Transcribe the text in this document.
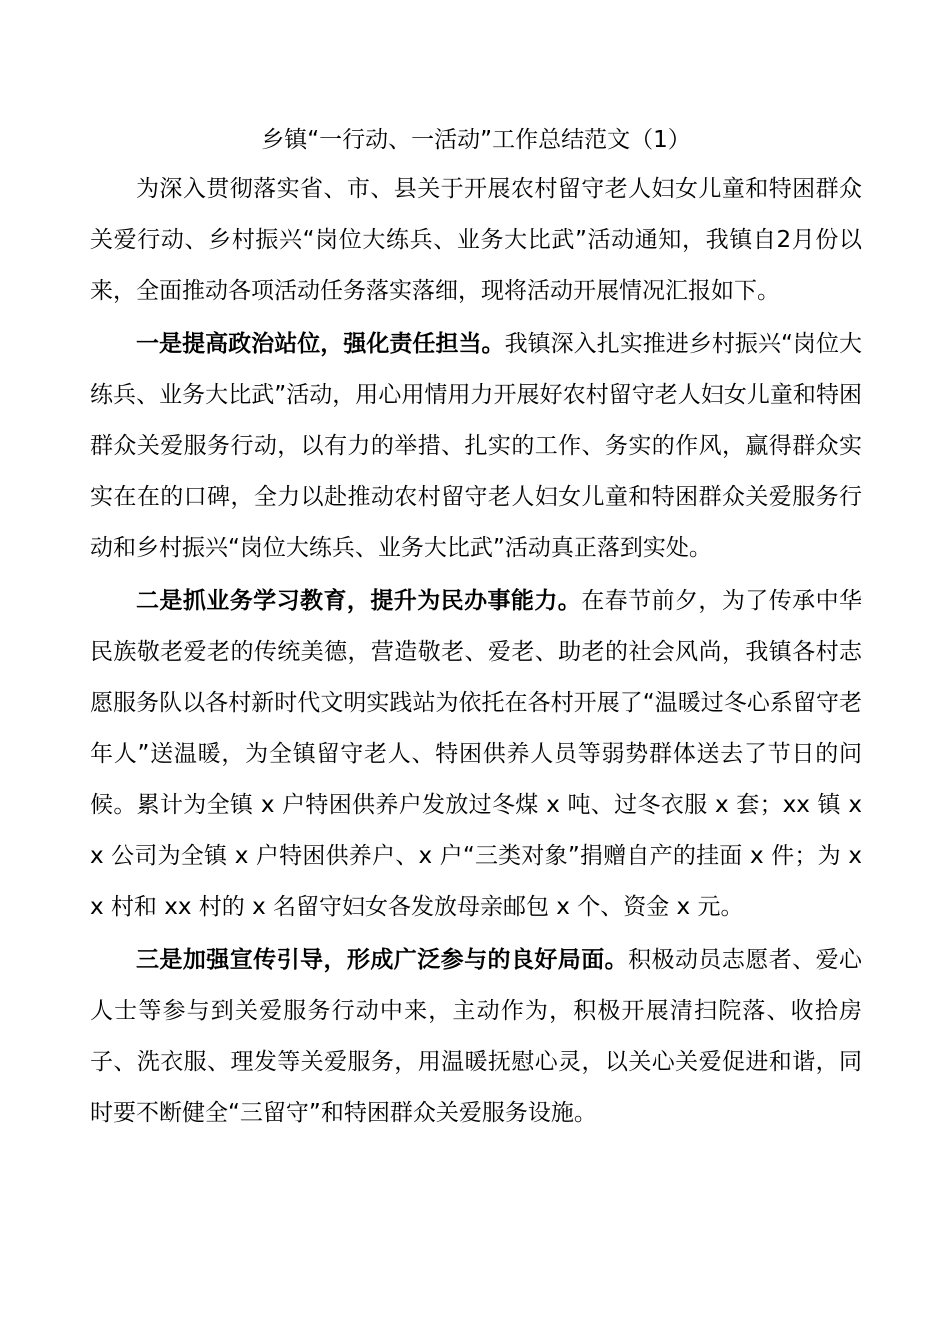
乡镇“一行动、一活动”工作总结范文（1）

为深入贯彻落实省、市、县关于开展农村留守老人妇女儿童和特困群众关爱行动、乡村振兴“岗位大练兵、业务大比武”活动通知，我镇自2月份以来，全面推动各项活动任务落实落细，现将活动开展情况汇报如下。

一是提高政治站位，强化责任担当。我镇深入扎实推进乡村振兴“岗位大练兵、业务大比武”活动，用心用情用力开展好农村留守老人妇女儿童和特困群众关爱服务行动，以有力的举措、扎实的工作、务实的作风，赢得群众实实在在的口碑，全力以赴推动农村留守老人妇女儿童和特困群众关爱服务行动和乡村振兴“岗位大练兵、业务大比武”活动真正落到实处。

二是抓业务学习教育，提升为民办事能力。在春节前夕，为了传承中华民族敬老爱老的传统美德，营造敬老、爱老、助老的社会风尚，我镇各村志愿服务队以各村新时代文明实践站为依托在各村开展了“温暖过冬心系留守老年人”送温暖，为全镇留守老人、特困供养人员等弱势群体送去了节日的问候。累计为全镇 x 户特困供养户发放过冬煤 x 吨、过冬衣服 x 套；xx 镇 xx 公司为全镇 x 户特困供养户、x 户“三类对象”捐赠自产的挂面 x 件；为 xx 村和 xx 村的 x 名留守妇女各发放母亲邮包 x 个、资金 x 元。

三是加强宣传引导，形成广泛参与的良好局面。积极动员志愿者、爱心人士等参与到关爱服务行动中来，主动作为，积极开展清扫院落、收拾房子、洗衣服、理发等关爱服务，用温暖抚慰心灵，以关心关爱促进和谐，同时要不断健全“三留守”和特困群众关爱服务设施。
